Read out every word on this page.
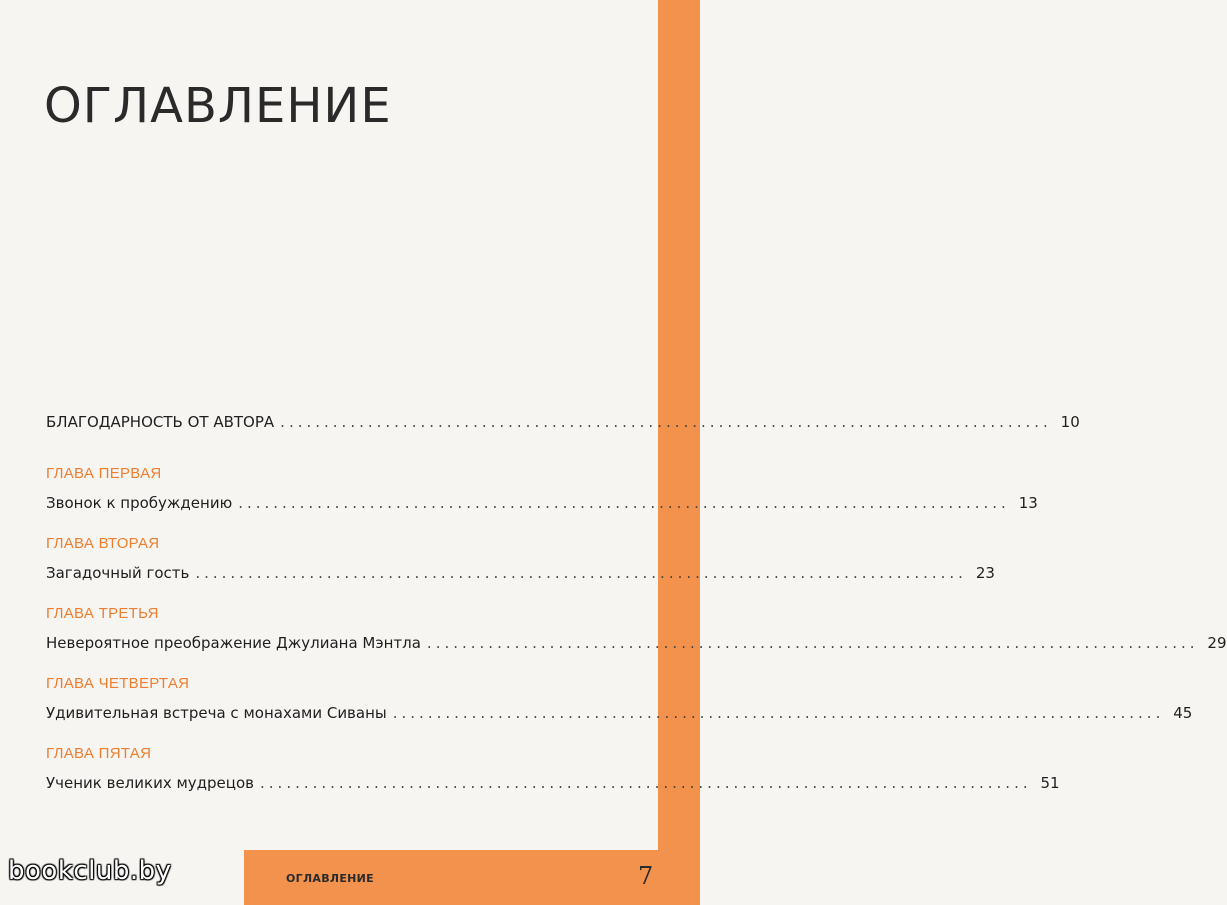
ОГЛАВЛЕНИЕ
БЛАГОДАРНОСТЬ ОТ АВТОРА ........................................................................................ 10
ГЛАВА ПЕРВАЯ
Звонок к пробуждению ........................................................................................ 13
ГЛАВА ВТОРАЯ
Загадочный гость ........................................................................................ 23
ГЛАВА ТРЕТЬЯ
Невероятное преображение Джулиана Мэнтла ........................................................................................ 29
ГЛАВА ЧЕТВЕРТАЯ
Удивительная встреча с монахами Сиваны ........................................................................................ 45
ГЛАВА ПЯТАЯ
Ученик великих мудрецов ........................................................................................ 51
ОГЛАВЛЕНИЕ	7
bookclub.by
